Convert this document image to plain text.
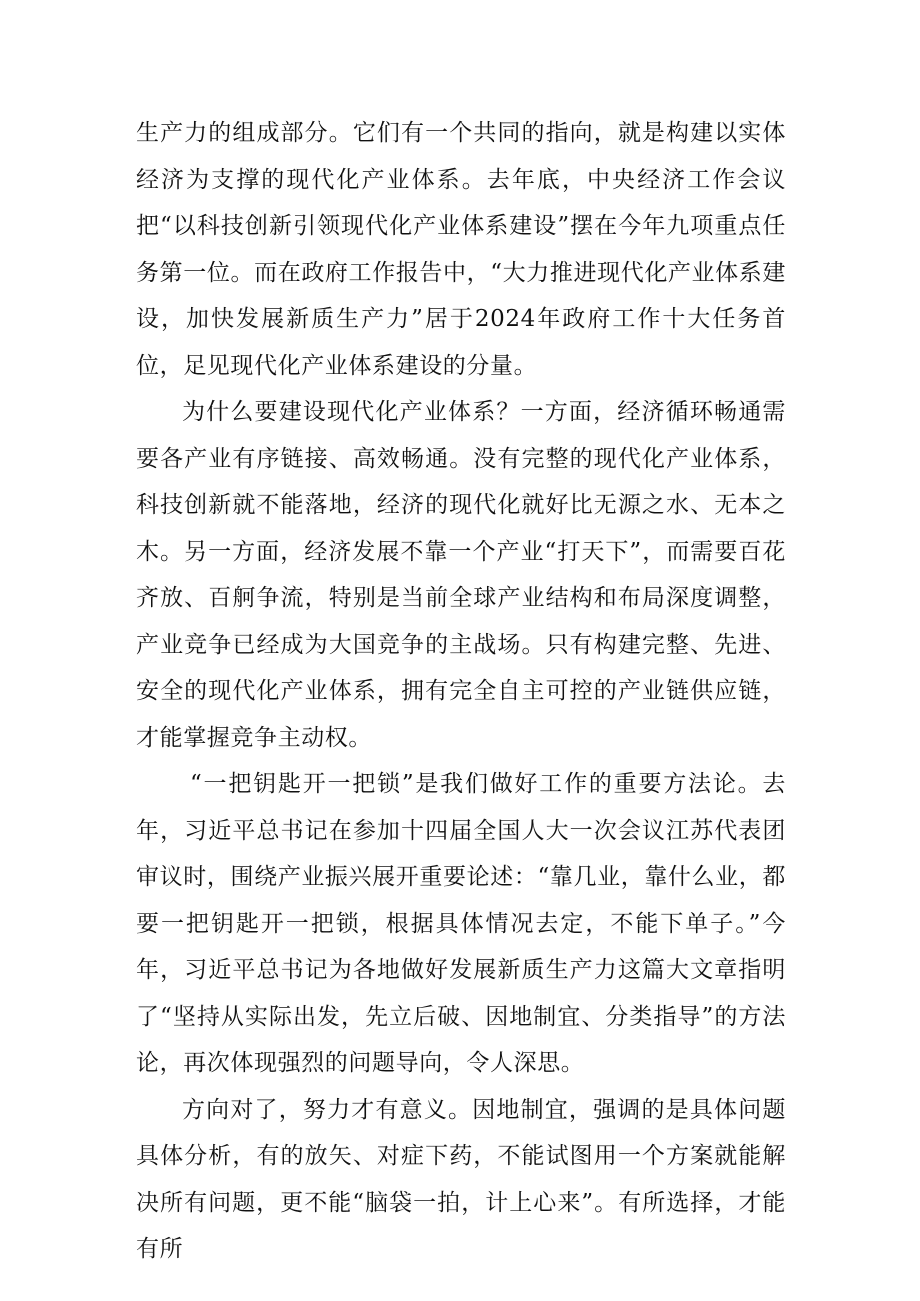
生产力的组成部分。它们有一个共同的指向，就是构建以实体经济为支撑的现代化产业体系。去年底，中央经济工作会议把“以科技创新引领现代化产业体系建设”摆在今年九项重点任务第一位。而在政府工作报告中，“大力推进现代化产业体系建设，加快发展新质生产力”居于2024年政府工作十大任务首位，足见现代化产业体系建设的分量。

为什么要建设现代化产业体系？一方面，经济循环畅通需要各产业有序链接、高效畅通。没有完整的现代化产业体系，科技创新就不能落地，经济的现代化就好比无源之水、无本之木。另一方面，经济发展不靠一个产业“打天下”，而需要百花齐放、百舸争流，特别是当前全球产业结构和布局深度调整，产业竞争已经成为大国竞争的主战场。只有构建完整、先进、安全的现代化产业体系，拥有完全自主可控的产业链供应链，才能掌握竞争主动权。

“一把钥匙开一把锁”是我们做好工作的重要方法论。去年，习近平总书记在参加十四届全国人大一次会议江苏代表团审议时，围绕产业振兴展开重要论述：“靠几业，靠什么业，都要一把钥匙开一把锁，根据具体情况去定，不能下单子。”今年，习近平总书记为各地做好发展新质生产力这篇大文章指明了“坚持从实际出发，先立后破、因地制宜、分类指导”的方法论，再次体现强烈的问题导向，令人深思。

方向对了，努力才有意义。因地制宜，强调的是具体问题具体分析，有的放矢、对症下药，不能试图用一个方案就能解决所有问题，更不能“脑袋一拍，计上心来”。有所选择，才能有所
